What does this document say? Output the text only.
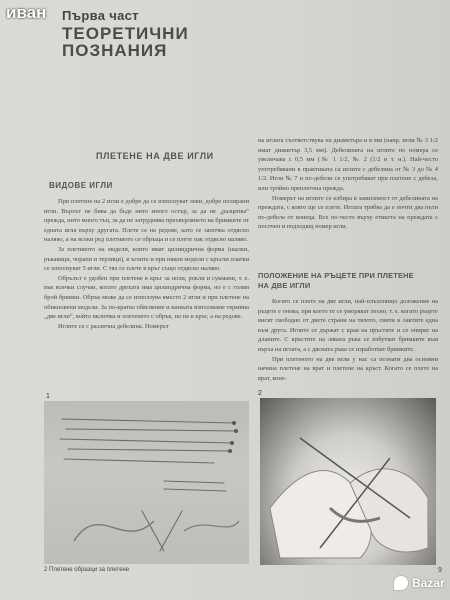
иван Първа част
ТЕОРЕТИЧНИ
ПОЗНАНИЯ
ПЛЕТЕНЕ НА ДВЕ ИГЛИ
ВИДОВЕ ИГЛИ

При плетене на 2 игли е добре да се използуват леки, добре полирани игли. Върхът не бива да бъде нито много остър, за да не „разцепва“ прежда, нито много тъп, за да не затруднява прехвърлянето на бримките от едната игла върху другата. Плете се на редове, като се започва отдясно наляво, а на всеки ред плетивото се обръща и се плете пак отдясно наляво.

За плетивото на модели, които имат цилиндрична форма (шалки, ръкавици, чорапи и терлици), в ъглите и при някои модели с кръгли платки се използуват 5 игли. С тях се плете в кръг също отдясно наляво.

Обрълът е удобен при плетене в кръг за поли, рокли и сукмани, т. е. във всички случаи, когато дрехата има цилиндрична форма, но е с голям брой бримки. Обрък може да се използува вместо 2 игли и при плетене на обикновени модели. За по-кратко обяснение и кинката използваме термина „две игли“, който включва и плетенето с обрък, но не в кръг, а на редове.

Иглите се с различна дебелина. Номерът

на иглата съответствува на диаметъра и в мм (напр. игли № 3 1/2 имат диаметър 3,5 мм). Дебелината на иглите по номера се увеличава с 0,5 мм (№ 1 1/2, № 2 (1/2 и т. н.). Най-често употребявани в практиката са иглите с дебелина от № 3 до № 4 1/2. Игли № 7 и по-дебели се употребяват при плетене с дебела, или тройно преплетена прежда.

Номерът на иглите се избира в зависимост от дебелината на преждата, с която ще се плете. Иглата трябва да е почти два пъти по-дебела от конеца. Все по-често върху етикета на преждата с посочен и подходящ номер игли.

ПОЛОЖЕНИЕ НА РЪЦЕТЕ ПРИ ПЛЕТЕНЕ
НА ДВЕ ИГЛИ

Когато се плете на две игли, най-плъхопищо доложение на ръцете е онова, при което те се уморяват лесно, т. е. когато ръцете висят свободно от двете страни на тялото, свити в лактите една към друга. Иглите се държат с края на пръстите и се опират на дланите. С кръстите на лявата ръка се избутват бримките към върха на иглата, а с дясната ръка се изработват бримките.

При плетенето на две игли у нас са познати два основни начина плетене на врат и плетене на кръст. Когато се плете на врат, коне-

1	2
2 Плетене образци за плетене	9
Bazar
